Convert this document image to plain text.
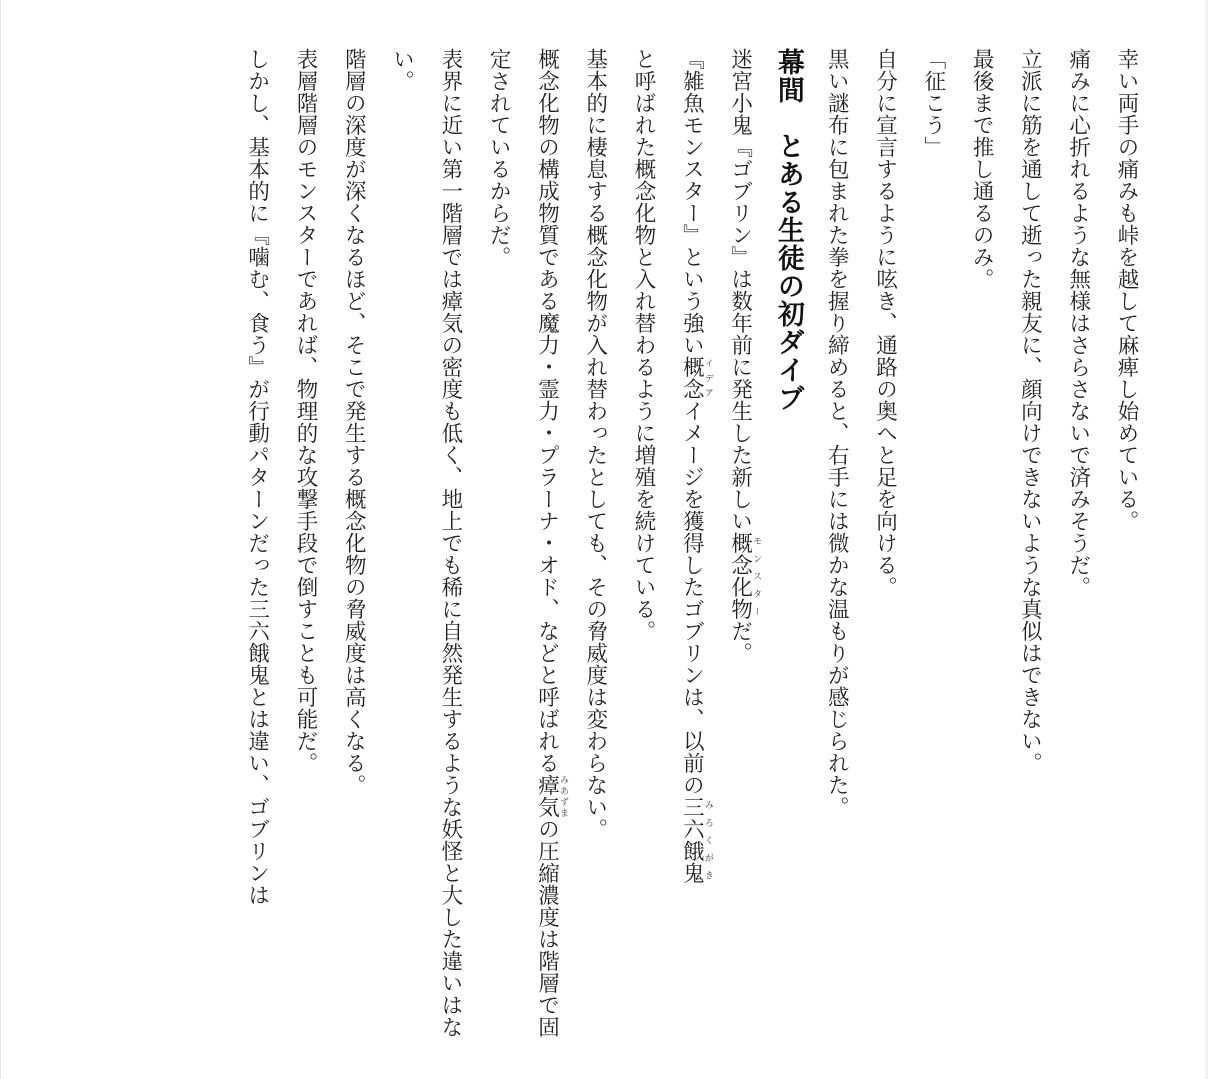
幸い両手の痛みも峠を越して麻痺し始めている。
痛みに心折れるような無様はさらさないで済みそうだ。
立派に筋を通して逝った親友に、顔向けできないような真似はできない。
最後まで推し通るのみ。
「征こう」
自分に宣言するように呟き、通路の奥へと足を向ける。
黒い謎布に包まれた拳を握り締めると、右手には微かな温もりが感じられた。
幕間　とある生徒の初ダイブ
迷宮小鬼『ゴブリン』は数年前に発生した新しい概念化物モンスターだ。
『雑魚モンスター』という強い概念イデアイメージを獲得したゴブリンは、以前の三六餓鬼みろくがき
と呼ばれた概念化物と入れ替わるように増殖を続けている。
基本的に棲息する概念化物が入れ替わったとしても、その脅威度は変わらない。
概念化物の構成物質である魔力・霊力・プラーナ・オド、などと呼ばれる瘴気みあずまの圧縮濃度は階層で固定されているからだ。
表界に近い第一階層では瘴気の密度も低く、地上でも稀に自然発生するような妖怪と大した違いはない。
階層の深度が深くなるほど、そこで発生する概念化物の脅威度は高くなる。
表層階層のモンスターであれば、物理的な攻撃手段で倒すことも可能だ。
しかし、基本的に『噛む、食う』が行動パターンだった三六餓鬼とは違い、ゴブリンは
